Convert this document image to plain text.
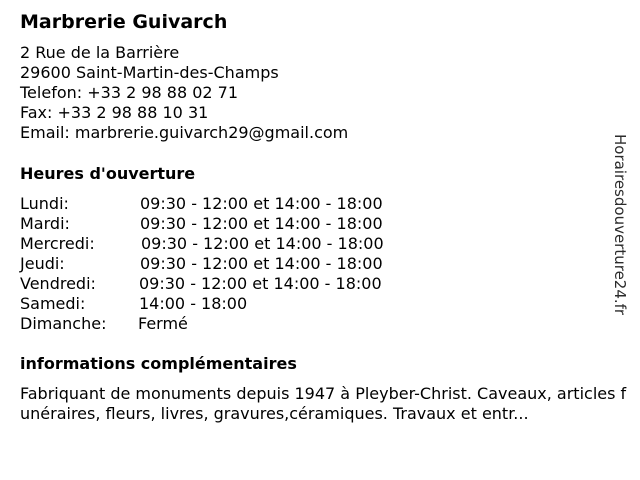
Marbrerie Guivarch
2 Rue de la Barrière
29600 Saint-Martin-des-Champs
Telefon: +33 2 98 88 02 71
Fax: +33 2 98 88 10 31
Email: marbrerie.guivarch29@gmail.com
Heures d'ouverture
Lundi:	09:30 - 12:00 et 14:00 - 18:00
Mardi:	09:30 - 12:00 et 14:00 - 18:00
Mercredi:	09:30 - 12:00 et 14:00 - 18:00
Jeudi:	09:30 - 12:00 et 14:00 - 18:00
Vendredi:	09:30 - 12:00 et 14:00 - 18:00
Samedi:	14:00 - 18:00
Dimanche: Fermé
informations complémentaires
Fabriquant de monuments depuis 1947 à Pleyber-Christ. Caveaux, articles funéraires, fleurs, livres, gravures,céramiques. Travaux et entr...
Horairesdouverture24.fr
